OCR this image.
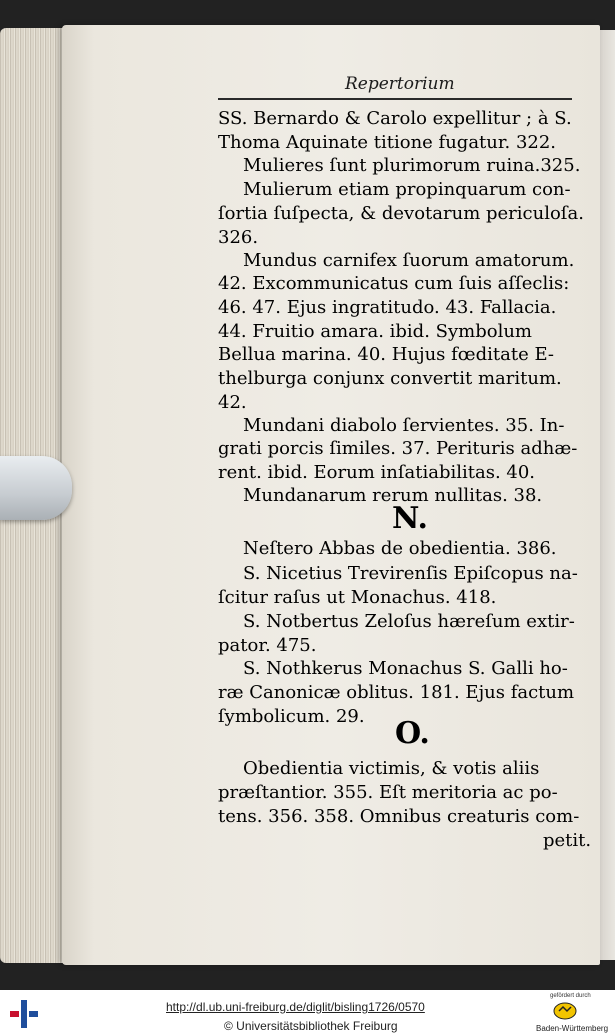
Repertorium
SS. Bernardo & Carolo expellitur ; à S.
Thoma Aquinate titione fugatur. 322.
Mulieres ſunt plurimorum ruina.325.
Mulierum etiam propinquarum con-
ſortia ſuſpecta, & devotarum periculoſa.
326.
Mundus carnifex ſuorum amatorum.
42. Excommunicatus cum ſuis aſſeclis:
46. 47. Ejus ingratitudo. 43. Fallacia.
44. Fruitio amara. ibid. Symbolum
Bellua marina. 40. Hujus fœditate E-
thelburga conjunx convertit maritum.
42.
Mundani diabolo ſervientes. 35. In-
grati porcis ſimiles. 37. Perituris adhæ-
rent. ibid. Eorum inſatiabilitas. 40.
Mundanarum rerum nullitas. 38.
N.
Neſtero Abbas de obedientia. 386.
S. Nicetius Trevirenſis Epiſcopus na-
ſcitur raſus ut Monachus. 418.
S. Notbertus Zeloſus hæreſum extir-
pator. 475.
S. Nothkerus Monachus S. Galli ho-
ræ Canonicæ oblitus. 181. Ejus factum
ſymbolicum. 29. O.
Obedientia victimis, & votis aliis
præſtantior. 355. Eſt meritoria ac po-
tens. 356. 358. Omnibus creaturis com-
petit.
http://dl.ub.uni-freiburg.de/diglit/bisling1726/0570
© Universitätsbibliothek Freiburg
gefördert durch
Baden-Württemberg
